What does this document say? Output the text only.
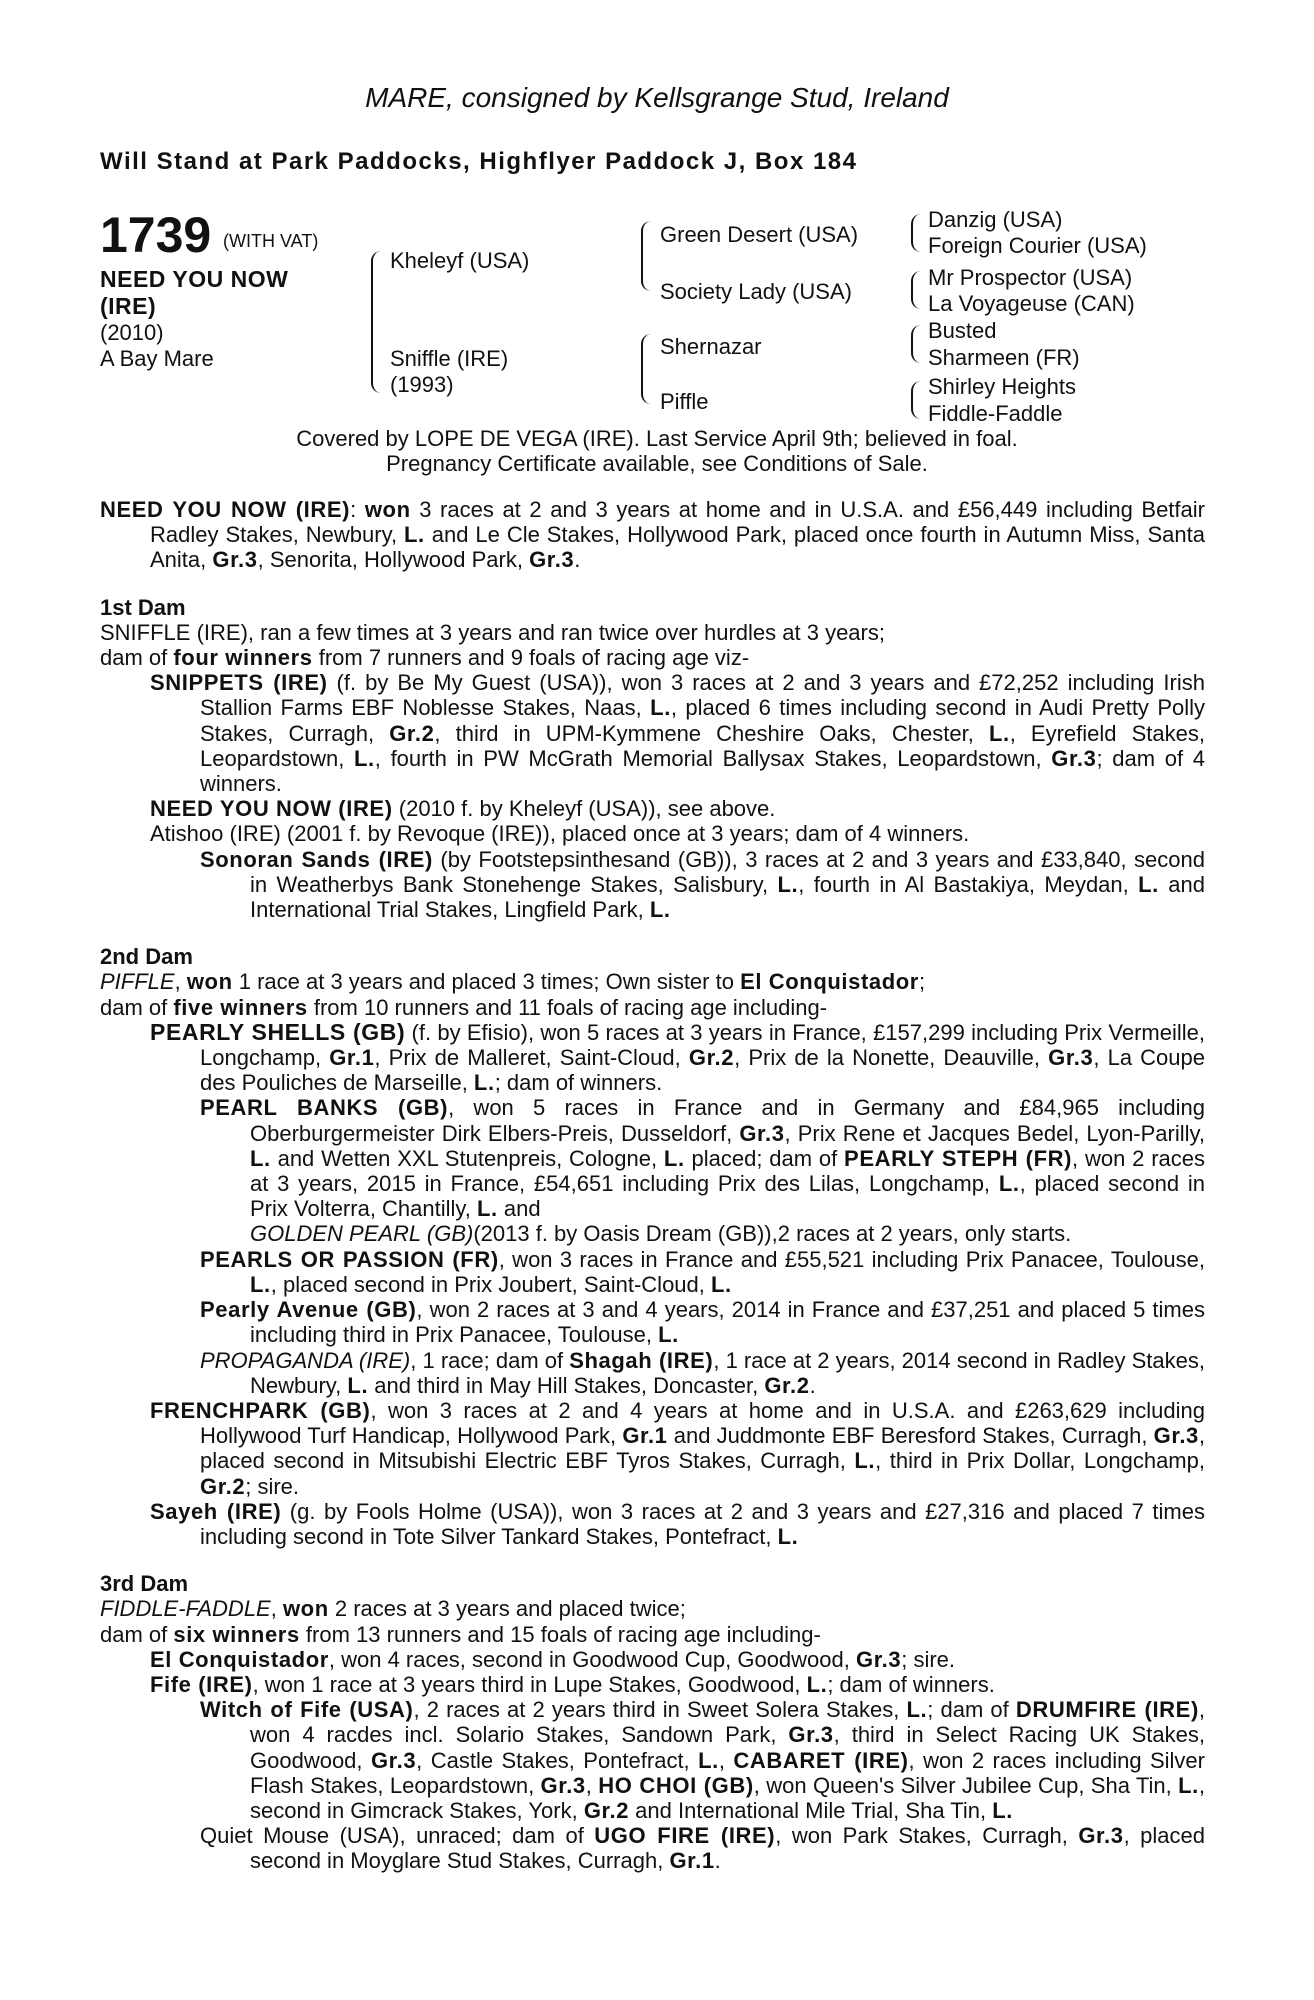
MARE, consigned by Kellsgrange Stud, Ireland
Will Stand at Park Paddocks, Highflyer Paddock J, Box 184
1739 (WITH VAT)
NEED YOU NOW
(IRE)
(2010)
A Bay Mare
Kheleyf (USA)
Sniffle (IRE)
(1993)
Green Desert (USA)
Society Lady (USA)
Shernazar
Piffle
Danzig (USA)
Foreign Courier (USA)
Mr Prospector (USA)
La Voyageuse (CAN)
Busted
Sharmeen (FR)
Shirley Heights
Fiddle-Faddle
Covered by LOPE DE VEGA (IRE). Last Service April 9th; believed in foal.
Pregnancy Certificate available, see Conditions of Sale.
NEED YOU NOW (IRE): won 3 races at 2 and 3 years at home and in U.S.A. and £56,449 including Betfair Radley Stakes, Newbury, L. and Le Cle Stakes, Hollywood Park, placed once fourth in Autumn Miss, Santa Anita, Gr.3, Senorita, Hollywood Park, Gr.3.
1st Dam
SNIFFLE (IRE), ran a few times at 3 years and ran twice over hurdles at 3 years;
dam of four winners from 7 runners and 9 foals of racing age viz-
SNIPPETS (IRE) (f. by Be My Guest (USA)), won 3 races at 2 and 3 years and £72,252 including Irish Stallion Farms EBF Noblesse Stakes, Naas, L., placed 6 times including second in Audi Pretty Polly Stakes, Curragh, Gr.2, third in UPM-Kymmene Cheshire Oaks, Chester, L., Eyrefield Stakes, Leopardstown, L., fourth in PW McGrath Memorial Ballysax Stakes, Leopardstown, Gr.3; dam of 4 winners.
NEED YOU NOW (IRE) (2010 f. by Kheleyf (USA)), see above.
Atishoo (IRE) (2001 f. by Revoque (IRE)), placed once at 3 years; dam of 4 winners.
Sonoran Sands (IRE) (by Footstepsinthesand (GB)), 3 races at 2 and 3 years and £33,840, second in Weatherbys Bank Stonehenge Stakes, Salisbury, L., fourth in Al Bastakiya, Meydan, L. and International Trial Stakes, Lingfield Park, L.
2nd Dam
PIFFLE, won 1 race at 3 years and placed 3 times; Own sister to El Conquistador;
dam of five winners from 10 runners and 11 foals of racing age including-
PEARLY SHELLS (GB) (f. by Efisio), won 5 races at 3 years in France, £157,299 including Prix Vermeille, Longchamp, Gr.1, Prix de Malleret, Saint-Cloud, Gr.2, Prix de la Nonette, Deauville, Gr.3, La Coupe des Pouliches de Marseille, L.; dam of winners.
PEARL BANKS (GB), won 5 races in France and in Germany and £84,965 including Oberburgermeister Dirk Elbers-Preis, Dusseldorf, Gr.3, Prix Rene et Jacques Bedel, Lyon-Parilly, L. and Wetten XXL Stutenpreis, Cologne, L. placed; dam of PEARLY STEPH (FR), won 2 races at 3 years, 2015 in France, £54,651 including Prix des Lilas, Longchamp, L., placed second in Prix Volterra, Chantilly, L. and
GOLDEN PEARL (GB)(2013 f. by Oasis Dream (GB)),2 races at 2 years, only starts.
PEARLS OR PASSION (FR), won 3 races in France and £55,521 including Prix Panacee, Toulouse, L., placed second in Prix Joubert, Saint-Cloud, L.
Pearly Avenue (GB), won 2 races at 3 and 4 years, 2014 in France and £37,251 and placed 5 times including third in Prix Panacee, Toulouse, L.
PROPAGANDA (IRE), 1 race; dam of Shagah (IRE), 1 race at 2 years, 2014 second in Radley Stakes, Newbury, L. and third in May Hill Stakes, Doncaster, Gr.2.
FRENCHPARK (GB), won 3 races at 2 and 4 years at home and in U.S.A. and £263,629 including Hollywood Turf Handicap, Hollywood Park, Gr.1 and Juddmonte EBF Beresford Stakes, Curragh, Gr.3, placed second in Mitsubishi Electric EBF Tyros Stakes, Curragh, L., third in Prix Dollar, Longchamp, Gr.2; sire.
Sayeh (IRE) (g. by Fools Holme (USA)), won 3 races at 2 and 3 years and £27,316 and placed 7 times including second in Tote Silver Tankard Stakes, Pontefract, L.
3rd Dam
FIDDLE-FADDLE, won 2 races at 3 years and placed twice;
dam of six winners from 13 runners and 15 foals of racing age including-
El Conquistador, won 4 races, second in Goodwood Cup, Goodwood, Gr.3; sire.
Fife (IRE), won 1 race at 3 years third in Lupe Stakes, Goodwood, L.; dam of winners.
Witch of Fife (USA), 2 races at 2 years third in Sweet Solera Stakes, L.; dam of DRUMFIRE (IRE), won 4 racdes incl. Solario Stakes, Sandown Park, Gr.3, third in Select Racing UK Stakes, Goodwood, Gr.3, Castle Stakes, Pontefract, L., CABARET (IRE), won 2 races including Silver Flash Stakes, Leopardstown, Gr.3, HO CHOI (GB), won Queen's Silver Jubilee Cup, Sha Tin, L., second in Gimcrack Stakes, York, Gr.2 and International Mile Trial, Sha Tin, L.
Quiet Mouse (USA), unraced; dam of UGO FIRE (IRE), won Park Stakes, Curragh, Gr.3, placed second in Moyglare Stud Stakes, Curragh, Gr.1.
